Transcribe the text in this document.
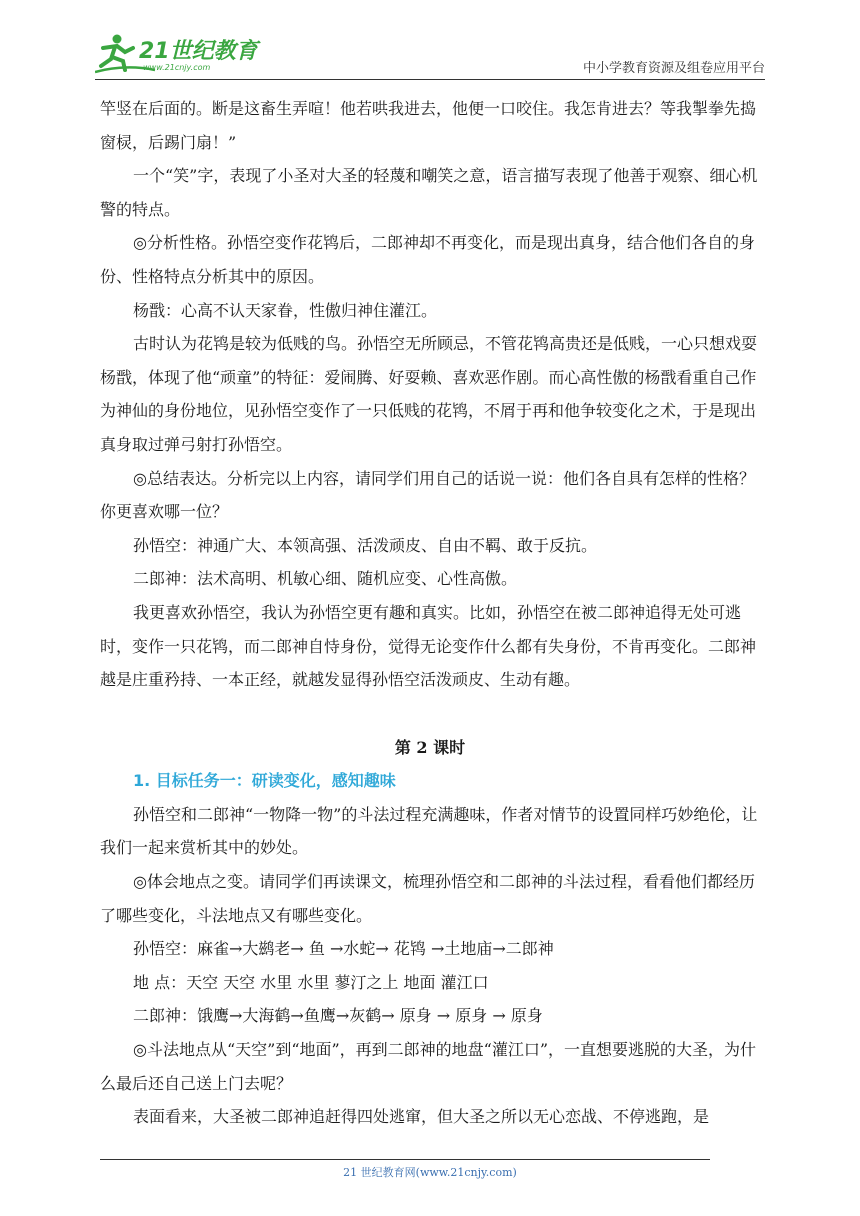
21世纪教育
www.21cnjy.com	中小学教育资源及组卷应用平台

竿竖在后面的。断是这畜生弄喧！他若哄我进去，他便一口咬住。我怎肯进去？等我掣拳先捣窗棂，后踢门扇！”

一个“笑”字，表现了小圣对大圣的轻蔑和嘲笑之意，语言描写表现了他善于观察、细心机警的特点。

◎分析性格。孙悟空变作花鸨后，二郎神却不再变化，而是现出真身，结合他们各自的身份、性格特点分析其中的原因。

杨戬：心高不认天家眷，性傲归神住灌江。

古时认为花鸨是较为低贱的鸟。孙悟空无所顾忌，不管花鸨高贵还是低贱，一心只想戏耍杨戬，体现了他“顽童”的特征：爱闹腾、好耍赖、喜欢恶作剧。而心高性傲的杨戬看重自己作为神仙的身份地位，见孙悟空变作了一只低贱的花鸨，不屑于再和他争较变化之术，于是现出真身取过弹弓射打孙悟空。

◎总结表达。分析完以上内容，请同学们用自己的话说一说：他们各自具有怎样的性格？你更喜欢哪一位？

孙悟空：神通广大、本领高强、活泼顽皮、自由不羁、敢于反抗。

二郎神：法术高明、机敏心细、随机应变、心性高傲。

我更喜欢孙悟空，我认为孙悟空更有趣和真实。比如，孙悟空在被二郎神追得无处可逃时，变作一只花鸨，而二郎神自恃身份，觉得无论变作什么都有失身份，不肯再变化。二郎神越是庄重矜持、一本正经，就越发显得孙悟空活泼顽皮、生动有趣。

第 2 课时

1. 目标任务一：研读变化，感知趣味

孙悟空和二郎神“一物降一物”的斗法过程充满趣味，作者对情节的设置同样巧妙绝伦，让我们一起来赏析其中的妙处。

◎体会地点之变。请同学们再读课文，梳理孙悟空和二郎神的斗法过程，看看他们都经历了哪些变化，斗法地点又有哪些变化。

孙悟空：麻雀→大鹚老→ 鱼 →水蛇→ 花鸨 →土地庙→二郎神

地 点：天空 天空 水里 水里 蓼汀之上 地面 灌江口

二郎神：饿鹰→大海鹤→鱼鹰→灰鹤→ 原身 → 原身 → 原身

◎斗法地点从“天空”到“地面”，再到二郎神的地盘“灌江口”，一直想要逃脱的大圣，为什么最后还自己送上门去呢？

表面看来，大圣被二郎神追赶得四处逃窜，但大圣之所以无心恋战、不停逃跑，是

21 世纪教育网(www.21cnjy.com)
